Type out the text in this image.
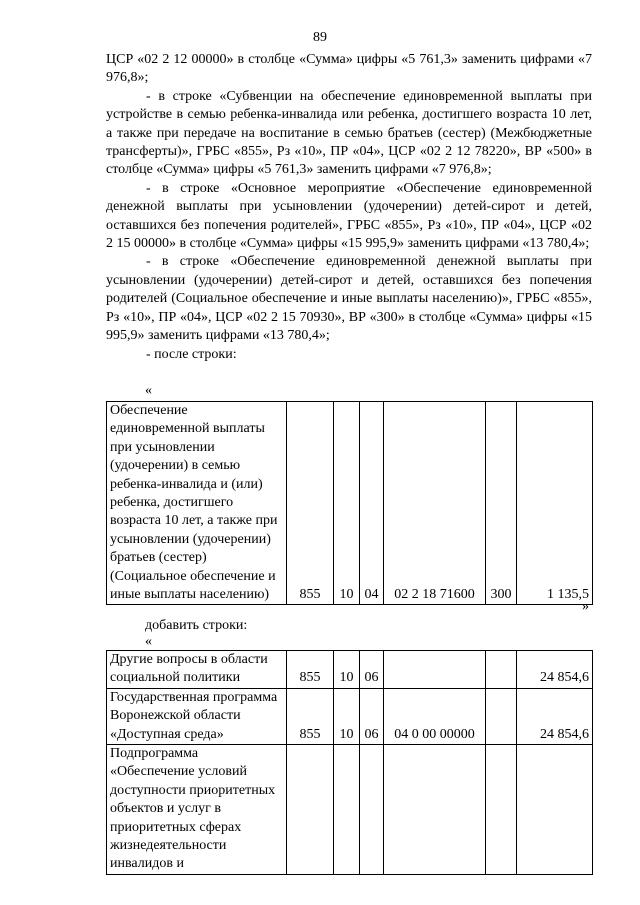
89

ЦСР «02 2 12 00000» в столбце «Сумма» цифры «5 761,3» заменить цифрами «7 976,8»;

- в строке «Субвенции на обеспечение единовременной выплаты при устройстве в семью ребенка-инвалида или ребенка, достигшего возраста 10 лет, а также при передаче на воспитание в семью братьев (сестер) (Межбюджетные трансферты)», ГРБС «855», Рз «10», ПР «04», ЦСР «02 2 12 78220», ВР «500» в столбце «Сумма» цифры «5 761,3» заменить цифрами «7 976,8»;

- в строке «Основное мероприятие «Обеспечение единовременной денежной выплаты при усыновлении (удочерении) детей-сирот и детей, оставшихся без попечения родителей», ГРБС «855», Рз «10», ПР «04», ЦСР «02 2 15 00000» в столбце «Сумма» цифры «15 995,9» заменить цифрами «13 780,4»;

- в строке «Обеспечение единовременной денежной выплаты при усыновлении (удочерении) детей-сирот и детей, оставшихся без попечения родителей (Социальное обеспечение и иные выплаты населению)», ГРБС «855», Рз «10», ПР «04», ЦСР «02 2 15 70930», ВР «300» в столбце «Сумма» цифры «15 995,9» заменить цифрами «13 780,4»;

- после строки:

«
Обеспечение единовременной выплаты при усыновлении (удочерении) в семью ребенка-инвалида и (или) ребенка, достигшего возраста 10 лет, а также при усыновлении (удочерении) братьев (сестер) (Социальное обеспечение и иные выплаты населению)	855	10	04	02 2 18 71600	300	1 135,5
»
добавить строки:
«
Другие вопросы в области социальной политики	855	10	06			24 854,6
Государственная программа Воронежской области «Доступная среда»	855	10	06	04 0 00 00000		24 854,6
Подпрограмма «Обеспечение условий доступности приоритетных объектов и услуг в приоритетных сферах жизнедеятельности инвалидов и						
